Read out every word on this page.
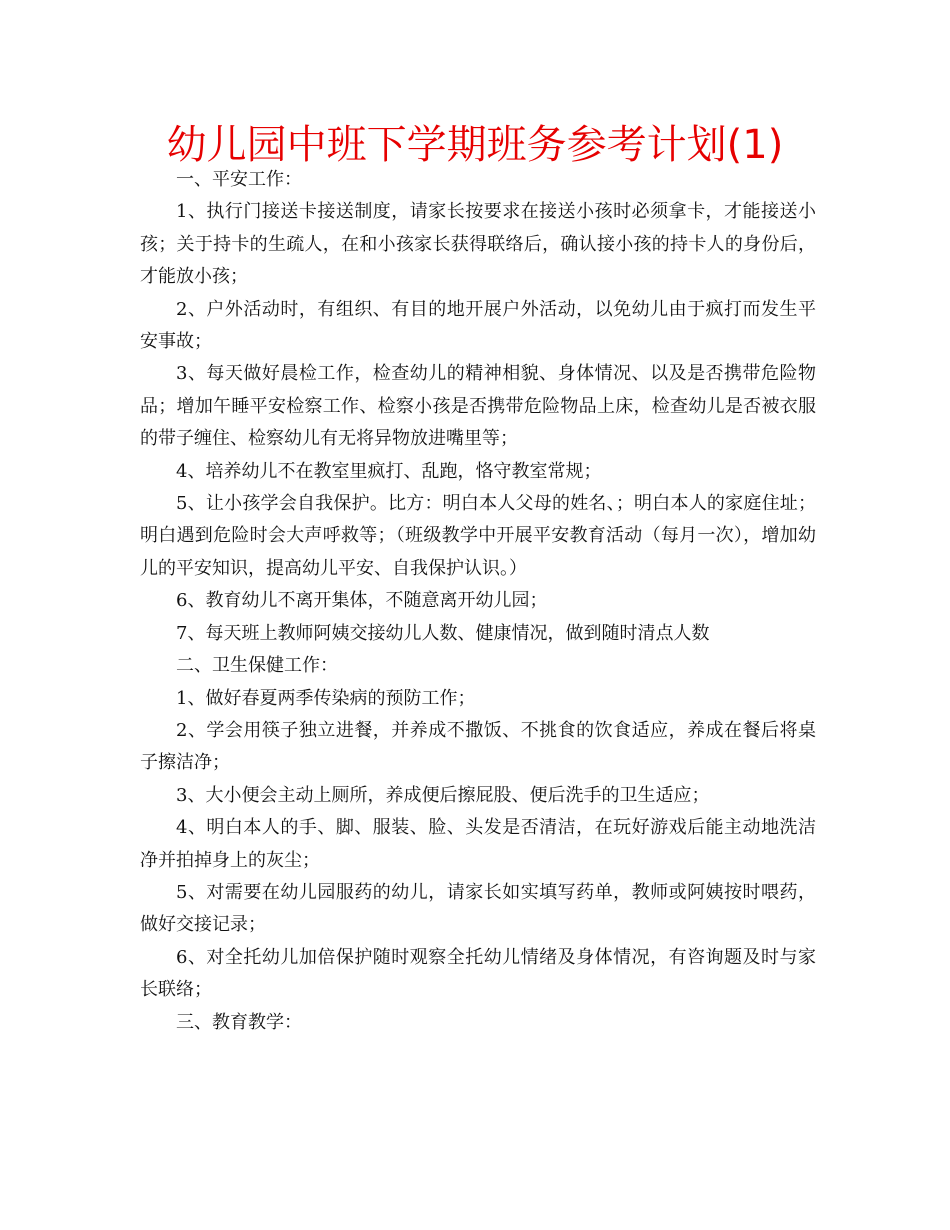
幼儿园中班下学期班务参考计划(1)

一、平安工作：

1、执行门接送卡接送制度，请家长按要求在接送小孩时必须拿卡，才能接送小孩；关于持卡的生疏人，在和小孩家长获得联络后，确认接小孩的持卡人的身份后，才能放小孩；

2、户外活动时，有组织、有目的地开展户外活动，以免幼儿由于疯打而发生平安事故；

3、每天做好晨检工作，检查幼儿的精神相貌、身体情况、以及是否携带危险物品；增加午睡平安检察工作、检察小孩是否携带危险物品上床，检查幼儿是否被衣服的带子缠住、检察幼儿有无将异物放进嘴里等；

4、培养幼儿不在教室里疯打、乱跑，恪守教室常规；

5、让小孩学会自我保护。比方：明白本人父母的姓名、；明白本人的家庭住址；明白遇到危险时会大声呼救等；（班级教学中开展平安教育活动（每月一次），增加幼儿的平安知识，提高幼儿平安、自我保护认识。）

6、教育幼儿不离开集体，不随意离开幼儿园；

7、每天班上教师阿姨交接幼儿人数、健康情况，做到随时清点人数

二、卫生保健工作：

1、做好春夏两季传染病的预防工作；

2、学会用筷子独立进餐，并养成不撒饭、不挑食的饮食适应，养成在餐后将桌子擦洁净；

3、大小便会主动上厕所，养成便后擦屁股、便后洗手的卫生适应；

4、明白本人的手、脚、服装、脸、头发是否清洁，在玩好游戏后能主动地洗洁净并拍掉身上的灰尘；

5、对需要在幼儿园服药的幼儿，请家长如实填写药单，教师或阿姨按时喂药，做好交接记录；

6、对全托幼儿加倍保护随时观察全托幼儿情绪及身体情况，有咨询题及时与家长联络；

三、教育教学：
